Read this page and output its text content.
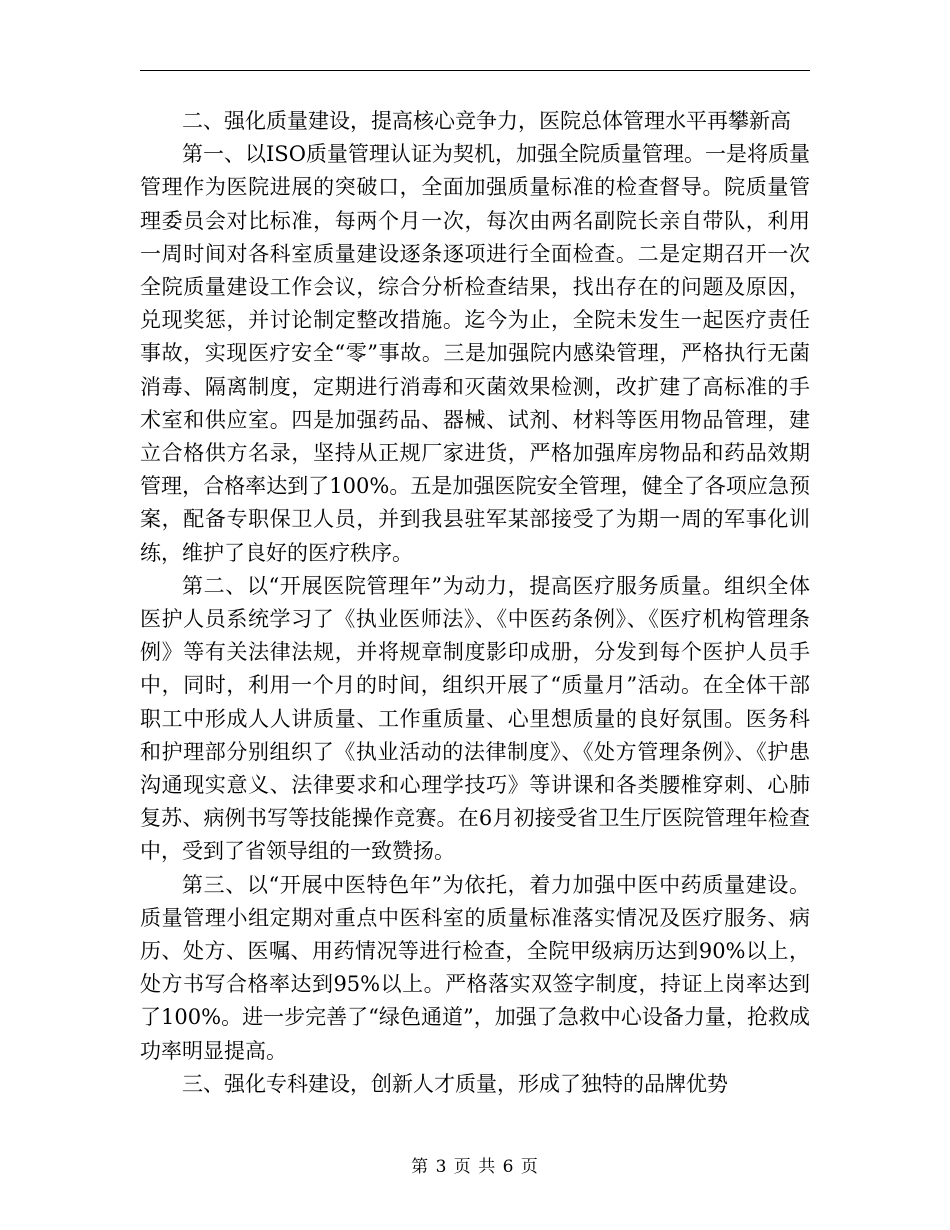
二、强化质量建设，提高核心竞争力，医院总体管理水平再攀新高

第一、以ISO质量管理认证为契机，加强全院质量管理。一是将质量管理作为医院进展的突破口，全面加强质量标准的检查督导。院质量管理委员会对比标准，每两个月一次，每次由两名副院长亲自带队，利用一周时间对各科室质量建设逐条逐项进行全面检查。二是定期召开一次全院质量建设工作会议，综合分析检查结果，找出存在的问题及原因，兑现奖惩，并讨论制定整改措施。迄今为止，全院未发生一起医疗责任事故，实现医疗安全“零”事故。三是加强院内感染管理，严格执行无菌消毒、隔离制度，定期进行消毒和灭菌效果检测，改扩建了高标准的手术室和供应室。四是加强药品、器械、试剂、材料等医用物品管理，建立合格供方名录，坚持从正规厂家进货，严格加强库房物品和药品效期管理，合格率达到了100%。五是加强医院安全管理，健全了各项应急预案，配备专职保卫人员，并到我县驻军某部接受了为期一周的军事化训练，维护了良好的医疗秩序。

第二、以“开展医院管理年”为动力，提高医疗服务质量。组织全体医护人员系统学习了《执业医师法》、《中医药条例》、《医疗机构管理条例》等有关法律法规，并将规章制度影印成册，分发到每个医护人员手中，同时，利用一个月的时间，组织开展了“质量月”活动。在全体干部职工中形成人人讲质量、工作重质量、心里想质量的良好氛围。医务科和护理部分别组织了《执业活动的法律制度》、《处方管理条例》、《护患沟通现实意义、法律要求和心理学技巧》等讲课和各类腰椎穿刺、心肺复苏、病例书写等技能操作竞赛。在6月初接受省卫生厅医院管理年检查中，受到了省领导组的一致赞扬。

第三、以“开展中医特色年”为依托，着力加强中医中药质量建设。质量管理小组定期对重点中医科室的质量标准落实情况及医疗服务、病历、处方、医嘱、用药情况等进行检查，全院甲级病历达到90%以上，处方书写合格率达到95%以上。严格落实双签字制度，持证上岗率达到了100%。进一步完善了“绿色通道”，加强了急救中心设备力量，抢救成功率明显提高。

三、强化专科建设，创新人才质量，形成了独特的品牌优势

第 3 页 共 6 页
